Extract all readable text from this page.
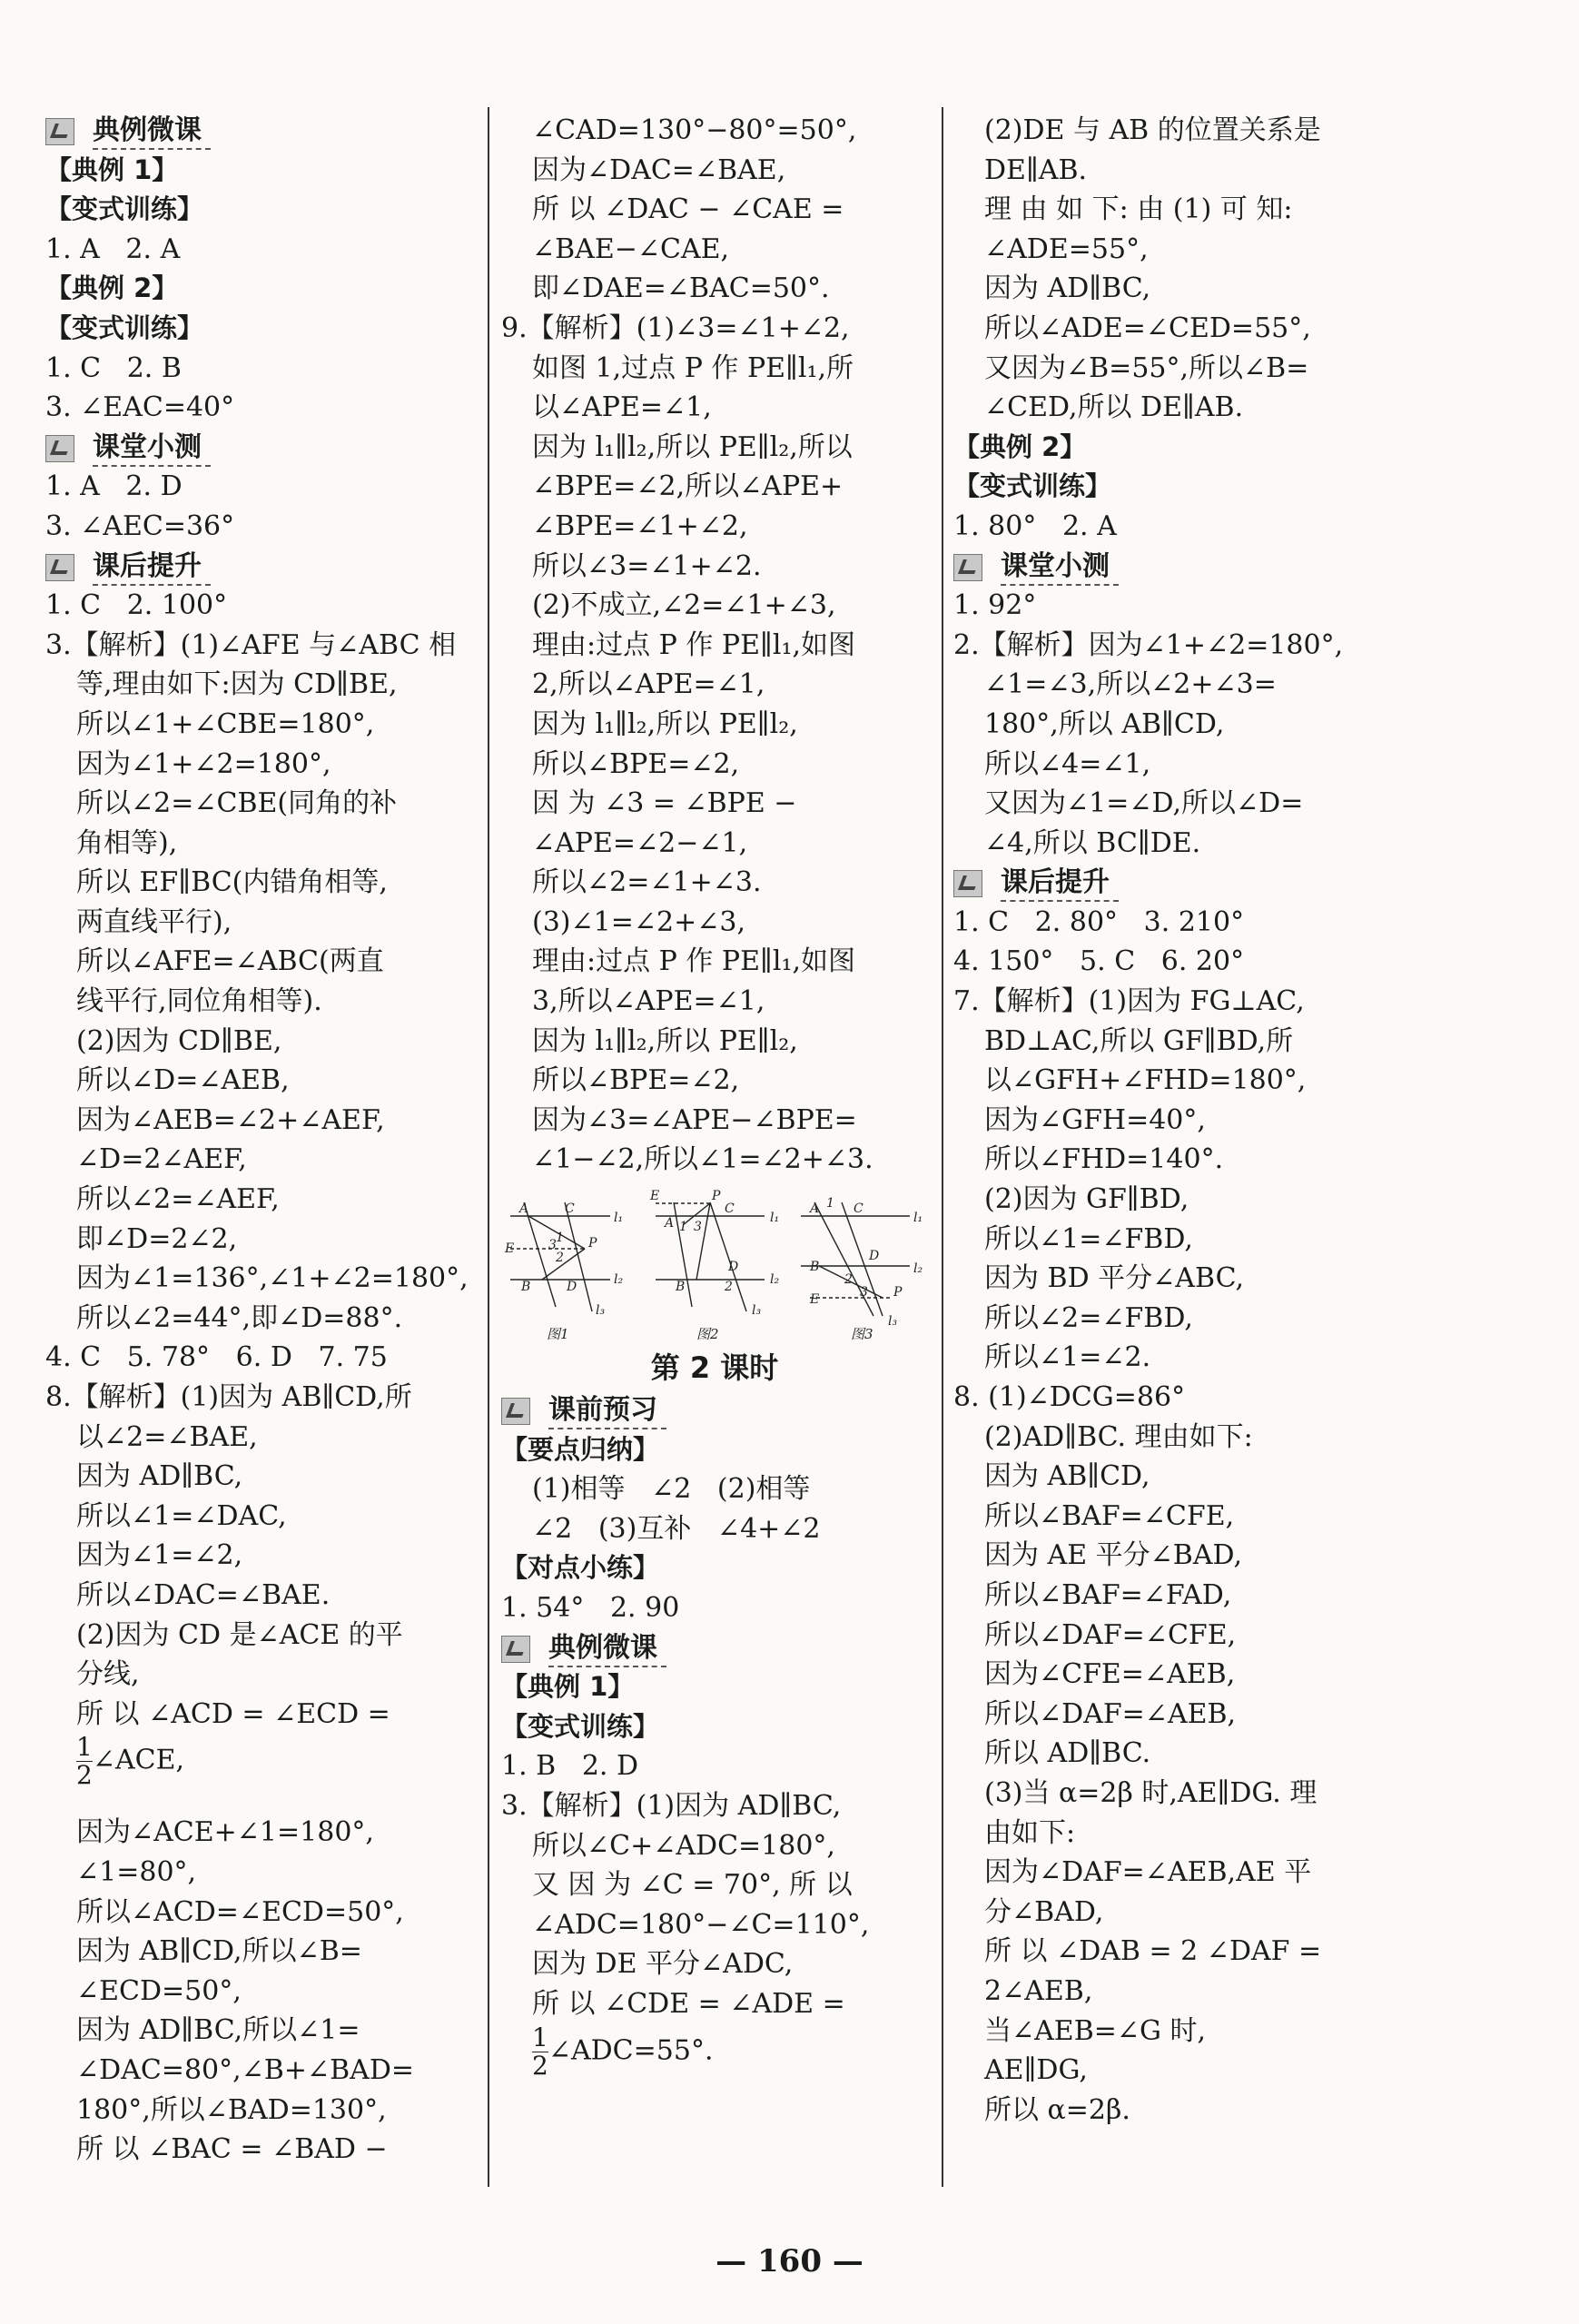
典例微课
【典例 1】
【变式训练】
1. A   2. A
【典例 2】
【变式训练】
1. C   2. B
3. ∠EAC=40°
课堂小测
1. A   2. D
3. ∠AEC=36°
课后提升
1. C   2. 100°
3.【解析】(1)∠AFE 与∠ABC 相
等,理由如下:因为 CD∥BE,
所以∠1+∠CBE=180°,
因为∠1+∠2=180°,
所以∠2=∠CBE(同角的补
角相等),
所以 EF∥BC(内错角相等,
两直线平行),
所以∠AFE=∠ABC(两直
线平行,同位角相等).
(2)因为 CD∥BE,
所以∠D=∠AEB,
因为∠AEB=∠2+∠AEF,
∠D=2∠AEF,
所以∠2=∠AEF,
即∠D=2∠2,
因为∠1=136°,∠1+∠2=180°,
所以∠2=44°,即∠D=88°.
4. C   5. 78°   6. D   7. 75
8.【解析】(1)因为 AB∥CD,所
以∠2=∠BAE,
因为 AD∥BC,
所以∠1=∠DAC,
因为∠1=∠2,
所以∠DAC=∠BAE.
(2)因为 CD 是∠ACE 的平
分线,
所 以 ∠ACD = ∠ECD =
$\frac{1}{2}$ ∠ACE,
因为∠ACE+∠1=180°,
∠1=80°,
所以∠ACD=∠ECD=50°,
因为 AB∥CD,所以∠B=
∠ECD=50°,
因为 AD∥BC,所以∠1=
∠DAC=80°,∠B+∠BAD=
180°,所以∠BAD=130°,
所 以 ∠BAC = ∠BAD −
∠CAD=130°−80°=50°,
因为∠DAC=∠BAE,
所 以 ∠DAC − ∠CAE =
∠BAE−∠CAE,
即∠DAE=∠BAC=50°.
9.【解析】(1)∠3=∠1+∠2,
如图 1,过点 P 作 PE∥l₁,所
以∠APE=∠1,
因为 l₁∥l₂,所以 PE∥l₂,所以
∠BPE=∠2,所以∠APE+
∠BPE=∠1+∠2,
所以∠3=∠1+∠2.
(2)不成立,∠2=∠1+∠3,
理由:过点 P 作 PE∥l₁,如图
2,所以∠APE=∠1,
因为 l₁∥l₂,所以 PE∥l₂,
所以∠BPE=∠2,
因 为 ∠3 = ∠BPE −
∠APE=∠2−∠1,
所以∠2=∠1+∠3.
(3)∠1=∠2+∠3,
理由:过点 P 作 PE∥l₁,如图
3,所以∠APE=∠1,
因为 l₁∥l₂,所以 PE∥l₂,
所以∠BPE=∠2,
因为∠3=∠APE−∠BPE=
∠1−∠2,所以∠1=∠2+∠3.
A	C
l₁
E	3 1 P
2
B	D	l₂
l₃
E	P
C
l₁
A 1 3
B
D
2	l₂
l₃
A	C
l₁
B
D
l₂
1
2
3
E	P
l₃
图1	图2	图3
第 2 课时
课前预习
【要点归纳】
(1)相等   ∠2   (2)相等
∠2   (3)互补   ∠4+∠2
【对点小练】
1. 54°   2. 90
典例微课
【典例 1】
【变式训练】
1. B   2. D
3.【解析】(1)因为 AD∥BC,
所以∠C+∠ADC=180°,
又 因 为 ∠C = 70°, 所 以
∠ADC=180°−∠C=110°,
因为 DE 平分∠ADC,
所 以 ∠CDE = ∠ADE =
$\frac{1}{2}$ ∠ADC=55°.
(2)DE 与 AB 的位置关系是
DE∥AB.
理 由 如 下: 由 (1) 可 知:
∠ADE=55°,
因为 AD∥BC,
所以∠ADE=∠CED=55°,
又因为∠B=55°,所以∠B=
∠CED,所以 DE∥AB.
【典例 2】
【变式训练】
1. 80°   2. A
课堂小测
1. 92°
2.【解析】因为∠1+∠2=180°,
∠1=∠3,所以∠2+∠3=
180°,所以 AB∥CD,
所以∠4=∠1,
又因为∠1=∠D,所以∠D=
∠4,所以 BC∥DE.
课后提升
1. C   2. 80°   3. 210°
4. 150°   5. C   6. 20°
7.【解析】(1)因为 FG⊥AC,
BD⊥AC,所以 GF∥BD,所
以∠GFH+∠FHD=180°,
因为∠GFH=40°,
所以∠FHD=140°.
(2)因为 GF∥BD,
所以∠1=∠FBD,
因为 BD 平分∠ABC,
所以∠2=∠FBD,
所以∠1=∠2.
8. (1)∠DCG=86°
(2)AD∥BC. 理由如下:
因为 AB∥CD,
所以∠BAF=∠CFE,
因为 AE 平分∠BAD,
所以∠BAF=∠FAD,
所以∠DAF=∠CFE,
因为∠CFE=∠AEB,
所以∠DAF=∠AEB,
所以 AD∥BC.
(3)当 α=2β 时,AE∥DG. 理
由如下:
因为∠DAF=∠AEB,AE 平
分∠BAD,
所 以 ∠DAB = 2 ∠DAF =
2∠AEB,
当∠AEB=∠G 时,
AE∥DG,
所以 α=2β.
— 160 —
